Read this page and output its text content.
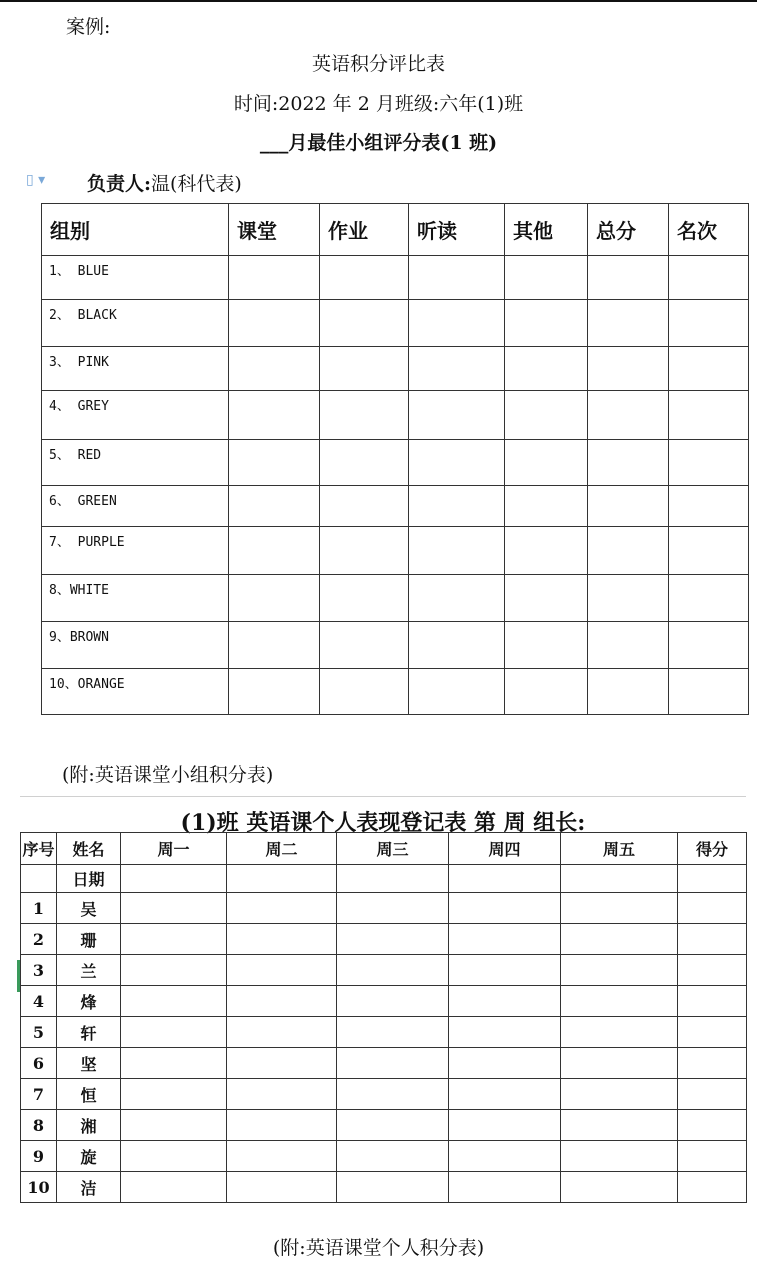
案例:
英语积分评比表
时间:2022 年 2 月班级:六年(1)班
___月最佳小组评分表(1 班)
▯ ▾ 负责人:温(科代表)
组别	课堂	作业	听读	其他	总分	名次

1、 BLUE						

2、 BLACK						

3、 PINK						

4、 GREY						

5、 RED						

6、 GREEN						

7、 PURPLE						

8、WHITE						

9、BROWN						

10、ORANGE						

(附:英语课堂小组积分表)
(1)班 英语课个人表现登记表 第 周 组长:
序号	姓名	周一	周二	周三	周四	周五	得分
	日期						
1	吴						
2	珊						
3	兰						
4	烽						
5	轩						
6	坚						
7	恒						
8	湘						
9	旋						
10	洁						
(附:英语课堂个人积分表)
